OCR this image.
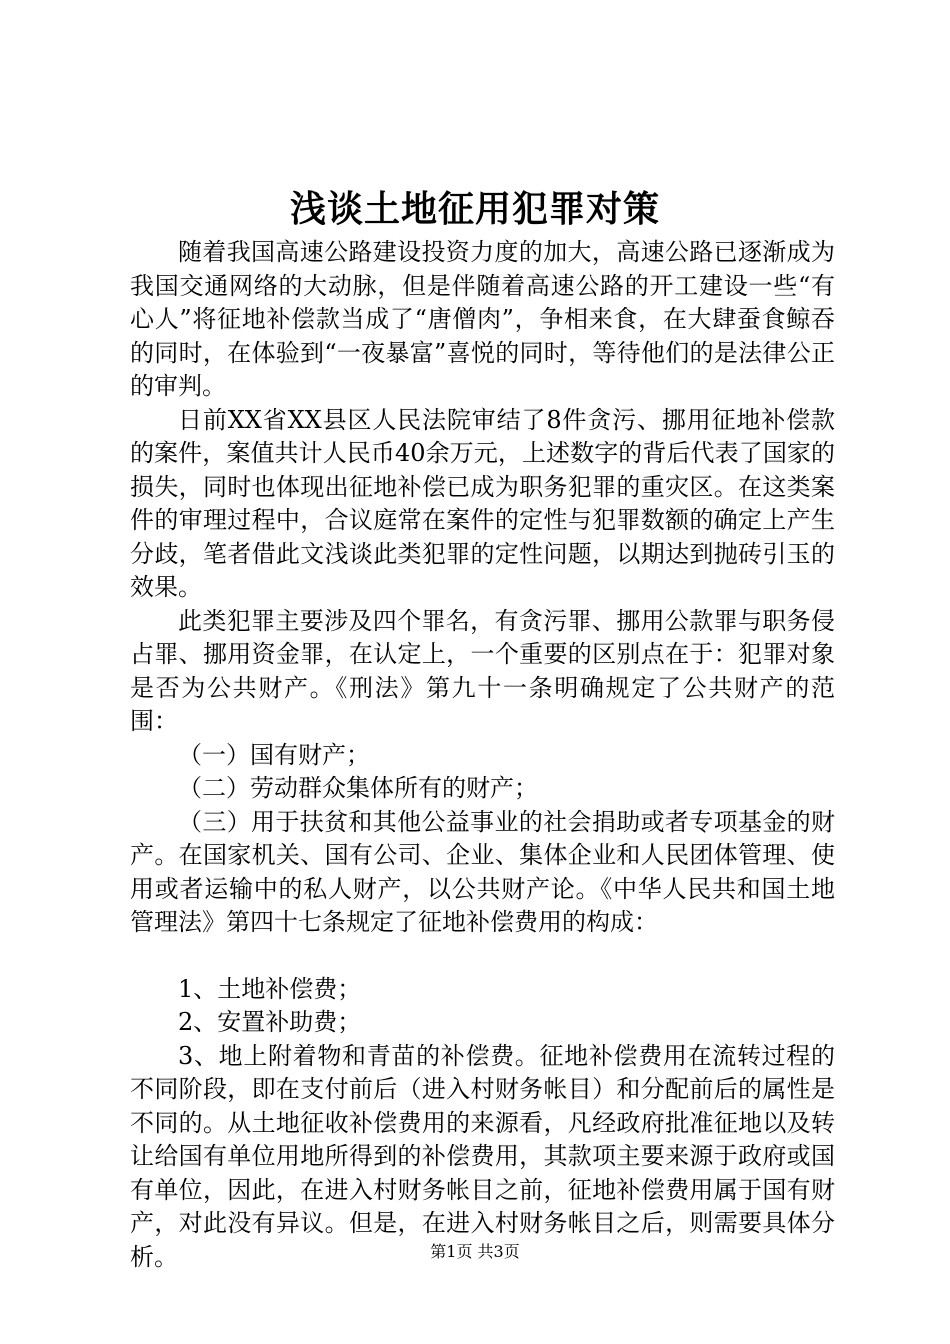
浅谈土地征用犯罪对策

随着我国高速公路建设投资力度的加大，高速公路已逐渐成为我国交通网络的大动脉，但是伴随着高速公路的开工建设一些“有心人”将征地补偿款当成了“唐僧肉”，争相来食，在大肆蚕食鲸吞的同时，在体验到“一夜暴富”喜悦的同时，等待他们的是法律公正的审判。

日前XX省XX县区人民法院审结了8件贪污、挪用征地补偿款的案件，案值共计人民币40余万元，上述数字的背后代表了国家的损失，同时也体现出征地补偿已成为职务犯罪的重灾区。在这类案件的审理过程中，合议庭常在案件的定性与犯罪数额的确定上产生分歧，笔者借此文浅谈此类犯罪的定性问题，以期达到抛砖引玉的效果。

此类犯罪主要涉及四个罪名，有贪污罪、挪用公款罪与职务侵占罪、挪用资金罪，在认定上，一个重要的区别点在于：犯罪对象是否为公共财产。《刑法》第九十一条明确规定了公共财产的范围：

（一）国有财产；

（二）劳动群众集体所有的财产；

（三）用于扶贫和其他公益事业的社会捐助或者专项基金的财产。在国家机关、国有公司、企业、集体企业和人民团体管理、使用或者运输中的私人财产，以公共财产论。《中华人民共和国土地管理法》第四十七条规定了征地补偿费用的构成：

1、土地补偿费；

2、安置补助费；

3、地上附着物和青苗的补偿费。征地补偿费用在流转过程的不同阶段，即在支付前后（进入村财务帐目）和分配前后的属性是不同的。从土地征收补偿费用的来源看，凡经政府批准征地以及转让给国有单位用地所得到的补偿费用，其款项主要来源于政府或国有单位，因此，在进入村财务帐目之前，征地补偿费用属于国有财产，对此没有异议。但是，在进入村财务帐目之后，则需要具体分析。	第1页 共3页
